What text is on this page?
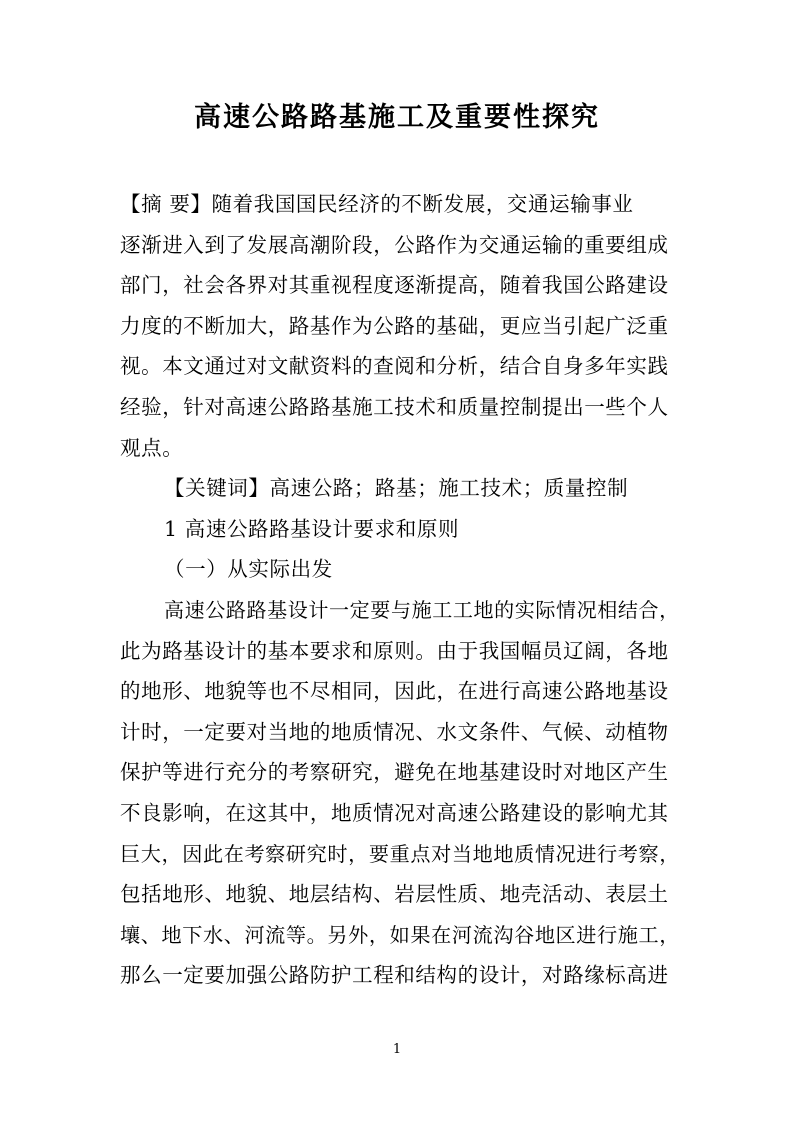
高速公路路基施工及重要性探究
【摘 要】随着我国国民经济的不断发展，交通运输事业
逐渐进入到了发展高潮阶段，公路作为交通运输的重要组成
部门，社会各界对其重视程度逐渐提高，随着我国公路建设
力度的不断加大，路基作为公路的基础，更应当引起广泛重
视。本文通过对文献资料的查阅和分析，结合自身多年实践
经验，针对高速公路路基施工技术和质量控制提出一些个人
观点。
【关键词】高速公路；路基；施工技术；质量控制
1 高速公路路基设计要求和原则
（一）从实际出发
高速公路路基设计一定要与施工工地的实际情况相结合，
此为路基设计的基本要求和原则。由于我国幅员辽阔，各地
的地形、地貌等也不尽相同，因此，在进行高速公路地基设
计时，一定要对当地的地质情况、水文条件、气候、动植物
保护等进行充分的考察研究，避免在地基建设时对地区产生
不良影响，在这其中，地质情况对高速公路建设的影响尤其
巨大，因此在考察研究时，要重点对当地地质情况进行考察，
包括地形、地貌、地层结构、岩层性质、地壳活动、表层土
壤、地下水、河流等。另外，如果在河流沟谷地区进行施工，
那么一定要加强公路防护工程和结构的设计，对路缘标高进
1
